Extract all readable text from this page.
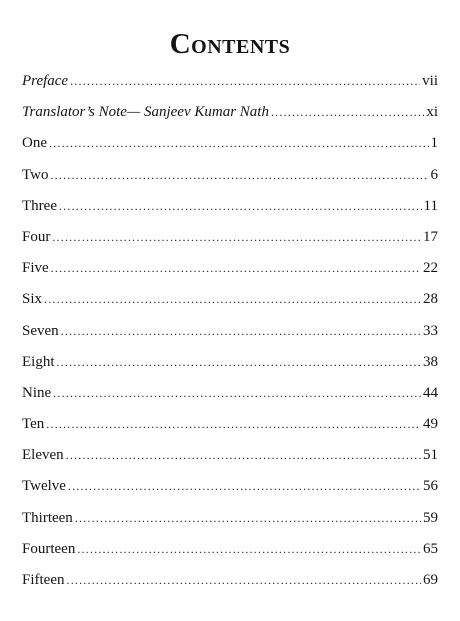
Contents
Preface .....	vii
Translator’s Note— Sanjeev Kumar Nath .....	xi
One .....	1
Two .....	6
Three .....	11
Four .....	17
Five .....	22
Six .....	28
Seven .....	33
Eight .....	38
Nine .....	44
Ten .....	49
Eleven .....	51
Twelve .....	56
Thirteen .....	59
Fourteen .....	65
Fifteen .....	69
